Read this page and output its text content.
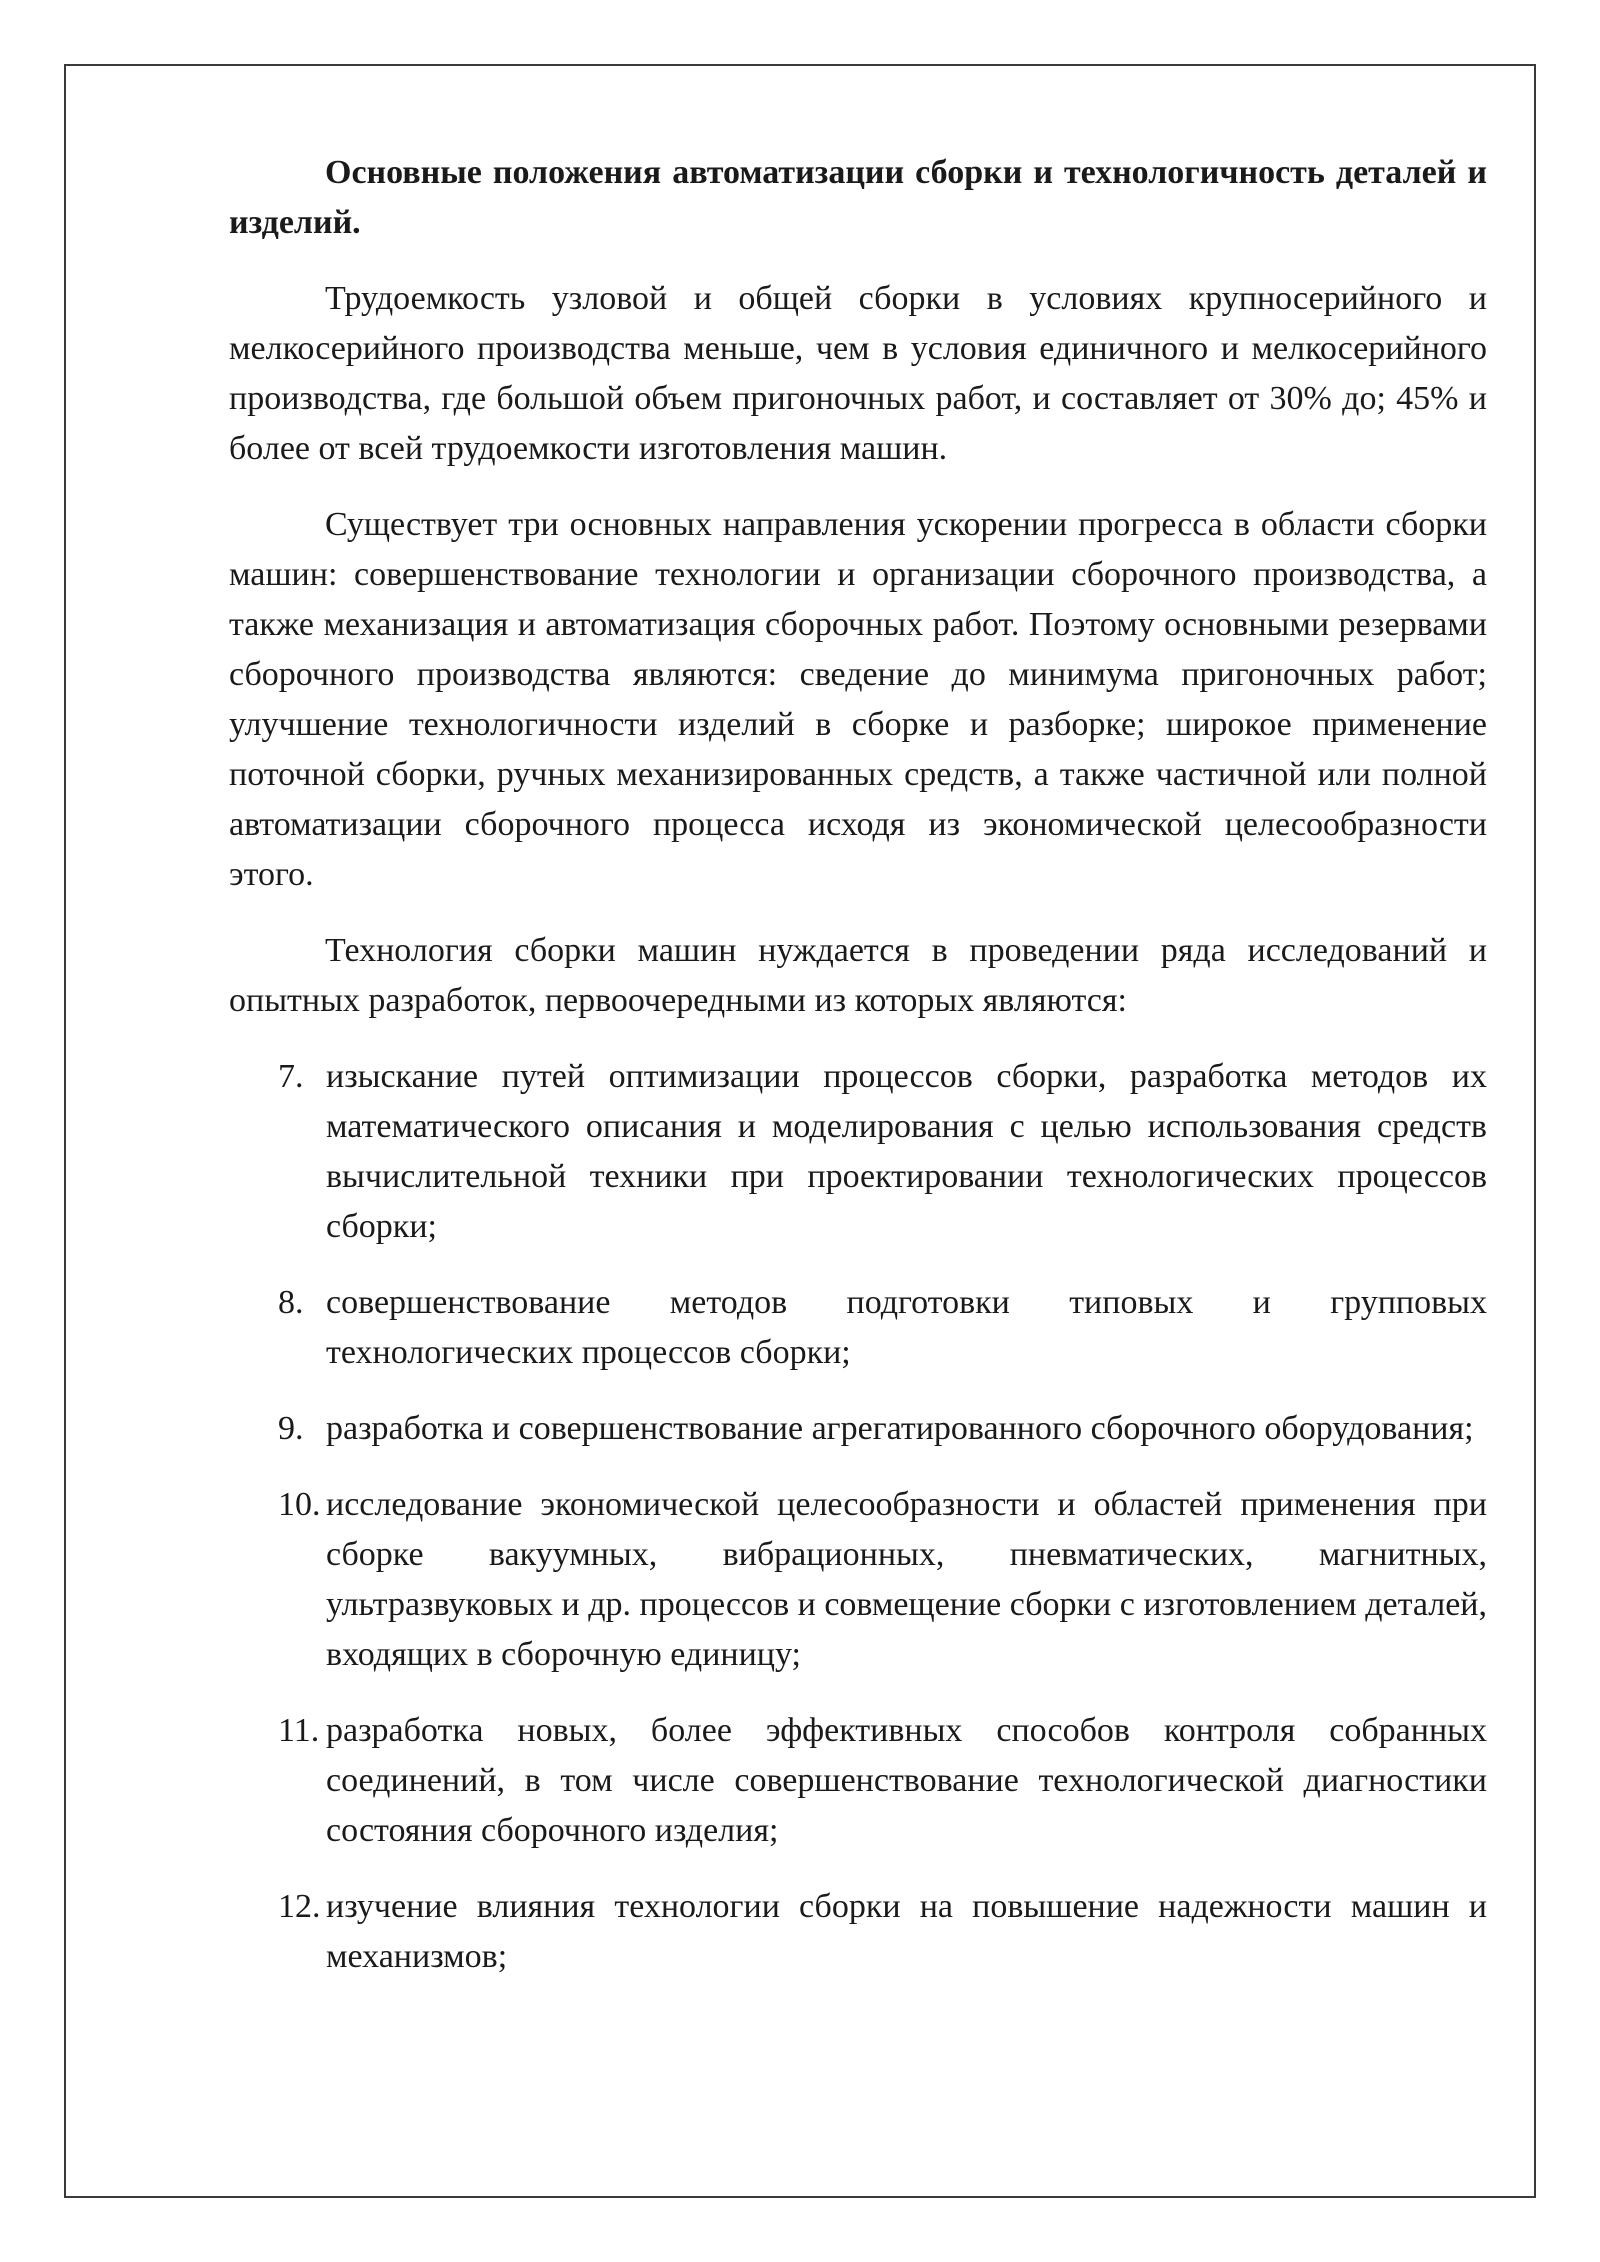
Основные положения автоматизации сборки и технологичность деталей и изделий.

Трудоемкость узловой и общей сборки в условиях крупносерийного и мелкосерийного производства меньше, чем в условия единичного и мелкосерийного производства, где большой объем пригоночных работ, и составляет от 30% до; 45% и более от всей трудоемкости изготовления машин.

Существует три основных направления ускорении прогресса в области сборки машин: совершенствование технологии и организации сборочного производства, а также механизация и автоматизация сборочных работ. Поэтому основными резервами сборочного производства являются: сведение до минимума пригоночных работ; улучшение технологичности изделий в сборке и разборке; широкое применение поточной сборки, ручных механизированных средств, а также частичной или полной автоматизации сборочного процесса исходя из экономической целесообразности этого.

Технология сборки машин нуждается в проведении ряда исследований и опытных разработок, первоочередными из которых являются:

7. изыскание путей оптимизации процессов сборки, разработка методов их математического описания и моделирования с целью использования средств вычислительной техники при проектировании технологических процессов сборки;
8. совершенствование методов подготовки типовых и групповых технологических процессов сборки;
9. разработка и совершенствование агрегатированного сборочного оборудования;
10. исследование экономической целесообразности и областей применения при сборке вакуумных, вибрационных, пневматических, магнитных, ультразвуковых и др. процессов и совмещение сборки с изготовлением деталей, входящих в сборочную единицу;
11. разработка новых, более эффективных способов контроля собранных соединений, в том числе совершенствование технологической диагностики состояния сборочного изделия;
12. изучение влияния технологии сборки на повышение надежности машин и механизмов;
